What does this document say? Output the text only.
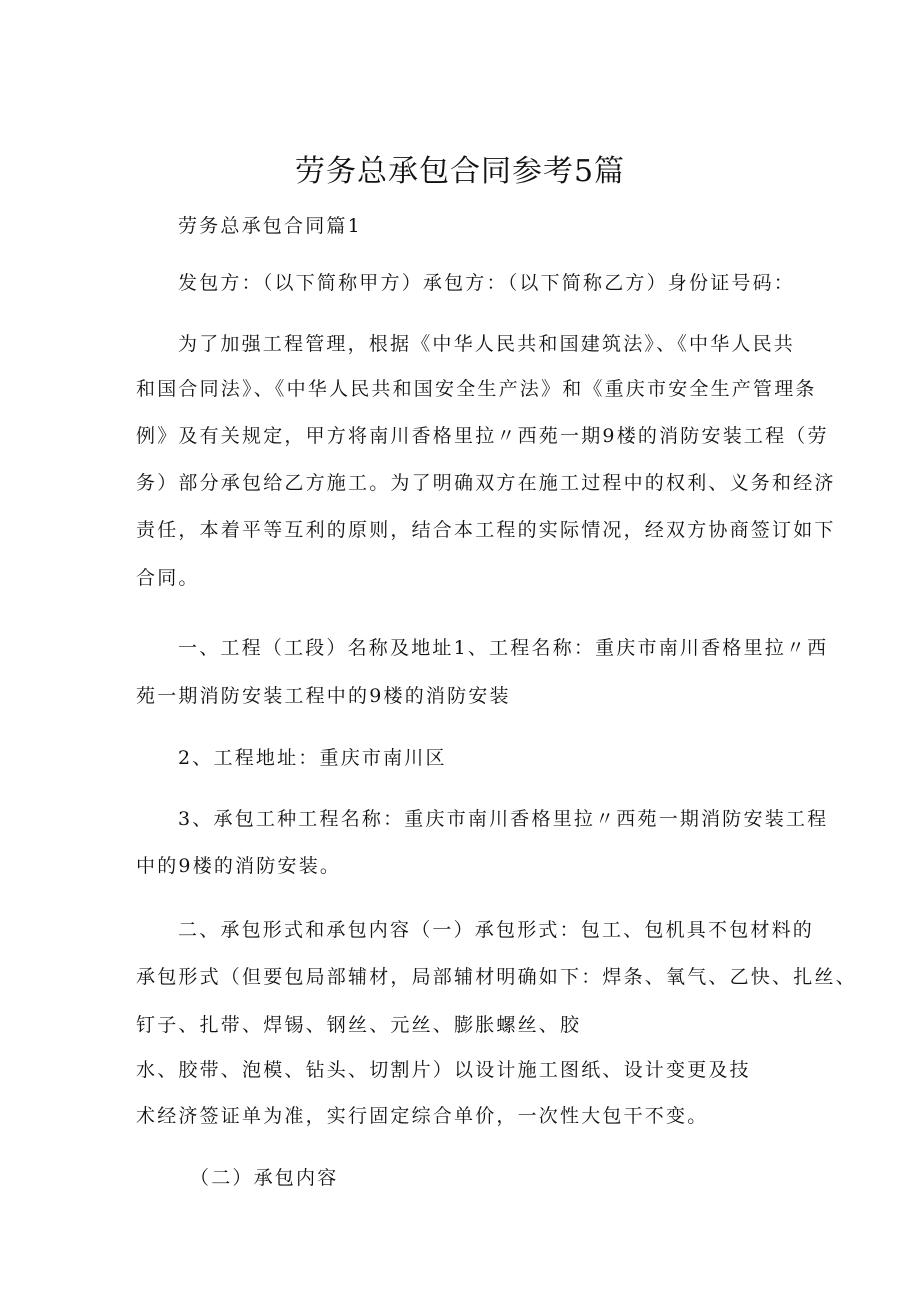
劳务总承包合同参考5篇

劳务总承包合同篇1

发包方：（以下简称甲方）承包方：（以下简称乙方）身份证号码：

为了加强工程管理，根据《中华人民共和国建筑法》、《中华人民共

和国合同法》、《中华人民共和国安全生产法》和《重庆市安全生产管理条

例》及有关规定，甲方将南川香格里拉〃西苑一期9楼的消防安装工程（劳

务）部分承包给乙方施工。为了明确双方在施工过程中的权利、义务和经济

责任，本着平等互利的原则，结合本工程的实际情况，经双方协商签订如下

合同。

一、工程（工段）名称及地址1、工程名称：重庆市南川香格里拉〃西

苑一期消防安装工程中的9楼的消防安装

2、工程地址：重庆市南川区

3、承包工种工程名称：重庆市南川香格里拉〃西苑一期消防安装工程

中的9楼的消防安装。

二、承包形式和承包内容（一）承包形式：包工、包机具不包材料的

承包形式（但要包局部辅材，局部辅材明确如下：焊条、氧气、乙快、扎丝、

钉子、扎带、焊锡、钢丝、元丝、膨胀螺丝、胶

水、胶带、泡模、钻头、切割片）以设计施工图纸、设计变更及技

术经济签证单为准，实行固定综合单价，一次性大包干不变。

（二）承包内容
